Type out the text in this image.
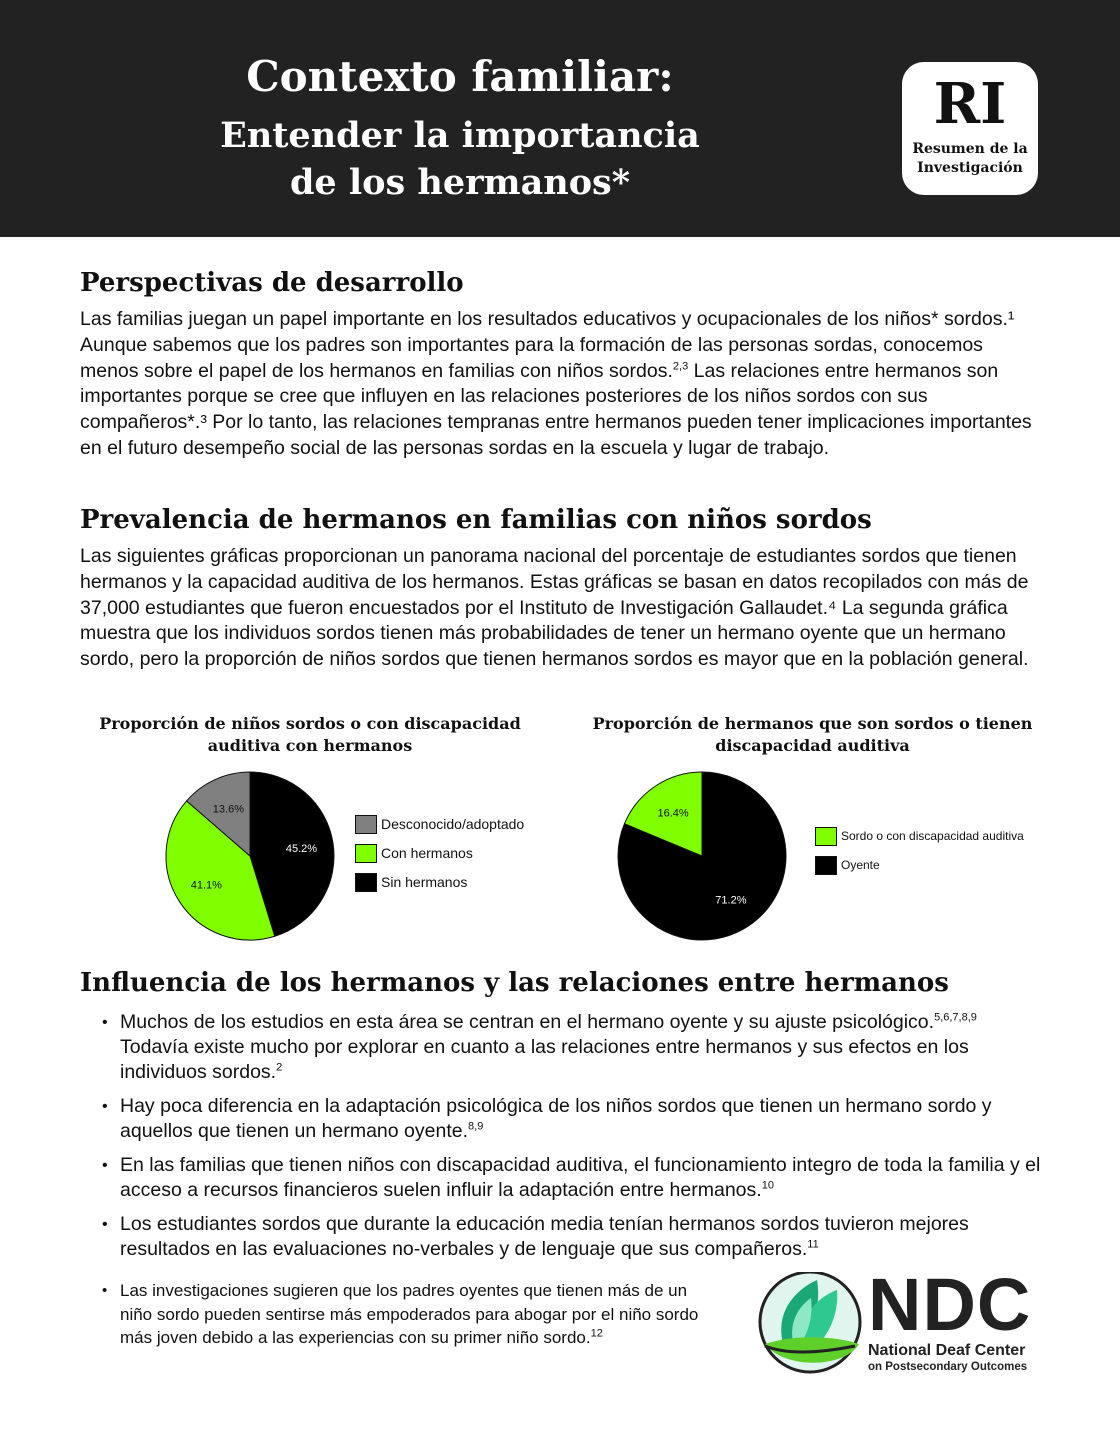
Contexto familiar:
Entender la importancia
de los hermanos*
RI
Resumen de la
Investigación
Perspectivas de desarrollo

Las familias juegan un papel importante en los resultados educativos y ocupacionales de los niños* sordos.¹ Aunque sabemos que los padres son importantes para la formación de las personas sordas, conocemos menos sobre el papel de los hermanos en familias con niños sordos.$^{2,3}$ Las relaciones entre hermanos son importantes porque se cree que influyen en las relaciones posteriores de los niños sordos con sus compañeros*.³ Por lo tanto, las relaciones tempranas entre hermanos pueden tener implicaciones importantes en el futuro desempeño social de las personas sordas en la escuela y lugar de trabajo.

Prevalencia de hermanos en familias con niños sordos

Las siguientes gráficas proporcionan un panorama nacional del porcentaje de estudiantes sordos que tienen hermanos y la capacidad auditiva de los hermanos. Estas gráficas se basan en datos recopilados con más de 37,000 estudiantes que fueron encuestados por el Instituto de Investigación Gallaudet.⁴ La segunda gráfica muestra que los individuos sordos tienen más probabilidades de tener un hermano oyente que un hermano sordo, pero la proporción de niños sordos que tienen hermanos sordos es mayor que en la población general.

Proporción de niños sordos o con discapacidad
auditiva con hermanos
45.2%
41.1%
13.6%
Desconocido/adoptado
Con hermanos
Sin hermanos
Proporción de hermanos que son sordos o tienen
discapacidad auditiva
71.2%
16.4%
Sordo o con discapacidad auditiva
Oyente
Influencia de los hermanos y las relaciones entre hermanos
• Muchos de los estudios en esta área se centran en el hermano oyente y su ajuste psicológico.$^{5,6,7,8,9}$ Todavía existe mucho por explorar en cuanto a las relaciones entre hermanos y sus efectos en los individuos sordos.$^2$
• Hay poca diferencia en la adaptación psicológica de los niños sordos que tienen un hermano sordo y aquellos que tienen un hermano oyente.$^{8,9}$
• En las familias que tienen niños con discapacidad auditiva, el funcionamiento integro de toda la familia y el acceso a recursos financieros suelen influir la adaptación entre hermanos.$^{10}$
• Los estudiantes sordos que durante la educación media tenían hermanos sordos tuvieron mejores resultados en las evaluaciones no-verbales y de lenguaje que sus compañeros.$^{11}$
• Las investigaciones sugieren que los padres oyentes que tienen más de un niño sordo pueden sentirse más empoderados para abogar por el niño sordo más joven debido a las experiencias con su primer niño sordo.$^{12}$	NDC
National Deaf Center
on Postsecondary Outcomes
